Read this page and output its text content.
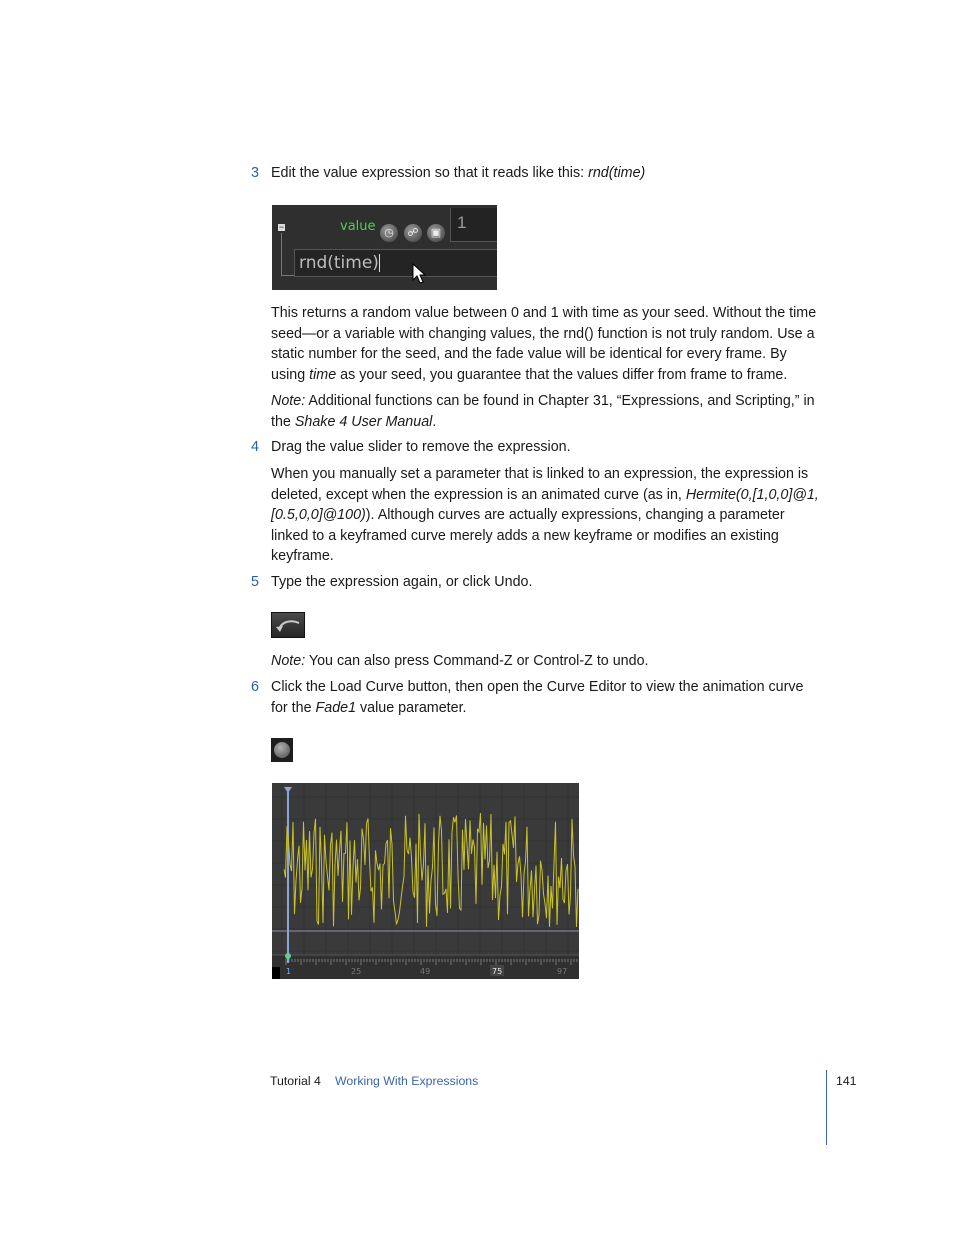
3 Edit the value expression so that it reads like this: rnd(time)
−	value ◷	☍	▣
1
rnd(time)
This returns a random value between 0 and 1 with time as your seed. Without the time seed—or a variable with changing values, the rnd() function is not truly random. Use a static number for the seed, and the fade value will be identical for every frame. By using time as your seed, you guarantee that the values differ from frame to frame.
Note: Additional functions can be found in Chapter 31, “Expressions, and Scripting,” in the Shake 4 User Manual.
4 Drag the value slider to remove the expression.
When you manually set a parameter that is linked to an expression, the expression is deleted, except when the expression is an animated curve (as in, Hermite(0,[1,0,0]@1,[0.5,0,0]@100)). Although curves are actually expressions, changing a parameter linked to a keyframed curve merely adds a new keyframe or modifies an existing keyframe.
5 Type the expression again, or click Undo.
Note: You can also press Command-Z or Control-Z to undo.
6 Click the Load Curve button, then open the Curve Editor to view the animation curve for the Fade1 value parameter.
1	25	49	75	97
Tutorial 4 Working With Expressions	141
